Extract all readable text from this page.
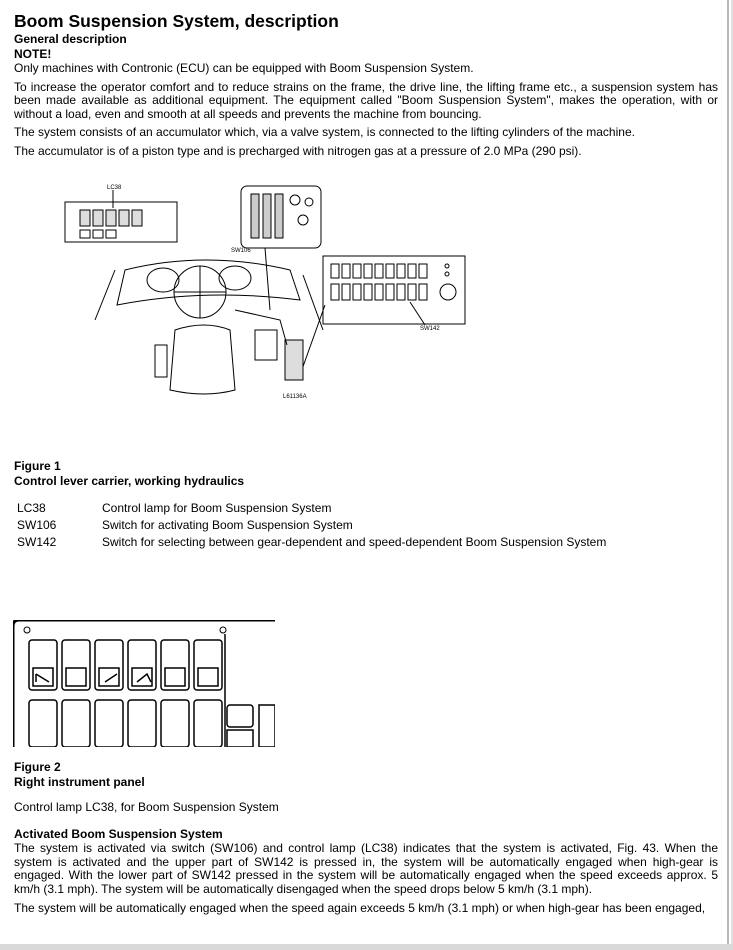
Boom Suspension System, description
General description
NOTE!

Only machines with Contronic (ECU) can be equipped with Boom Suspension System.

To increase the operator comfort and to reduce strains on the frame, the drive line, the lifting frame etc., a suspension system has been made available as additional equipment. The equipment called "Boom Suspension System", makes the operation, with or without a load, even and smooth at all speeds and prevents the machine from bouncing.

The system consists of an accumulator which, via a valve system, is connected to the lifting cylinders of the machine.

The accumulator is of a piston type and is precharged with nitrogen gas at a pressure of 2.0 MPa (290 psi).

LC38
SW106
SW142
L61136A
Figure 1
Control lever carrier, working hydraulics
LC38	Control lamp for Boom Suspension System
SW106	Switch for activating Boom Suspension System
SW142	Switch for selecting between gear-dependent and speed-dependent Boom Suspension System
Figure 2
Right instrument panel
Control lamp LC38, for Boom Suspension System
Activated Boom Suspension System

The system is activated via switch (SW106) and control lamp (LC38) indicates that the system is activated, Fig. 43. When the system is activated and the upper part of SW142 is pressed in, the system will be automatically engaged when high-gear is engaged. With the lower part of SW142 pressed in the system will be automatically engaged when the speed exceeds approx. 5 km/h (3.1 mph). The system will be automatically disengaged when the speed drops below 5 km/h (3.1 mph).

The system will be automatically engaged when the speed again exceeds 5 km/h (3.1 mph) or when high-gear has been engaged,
